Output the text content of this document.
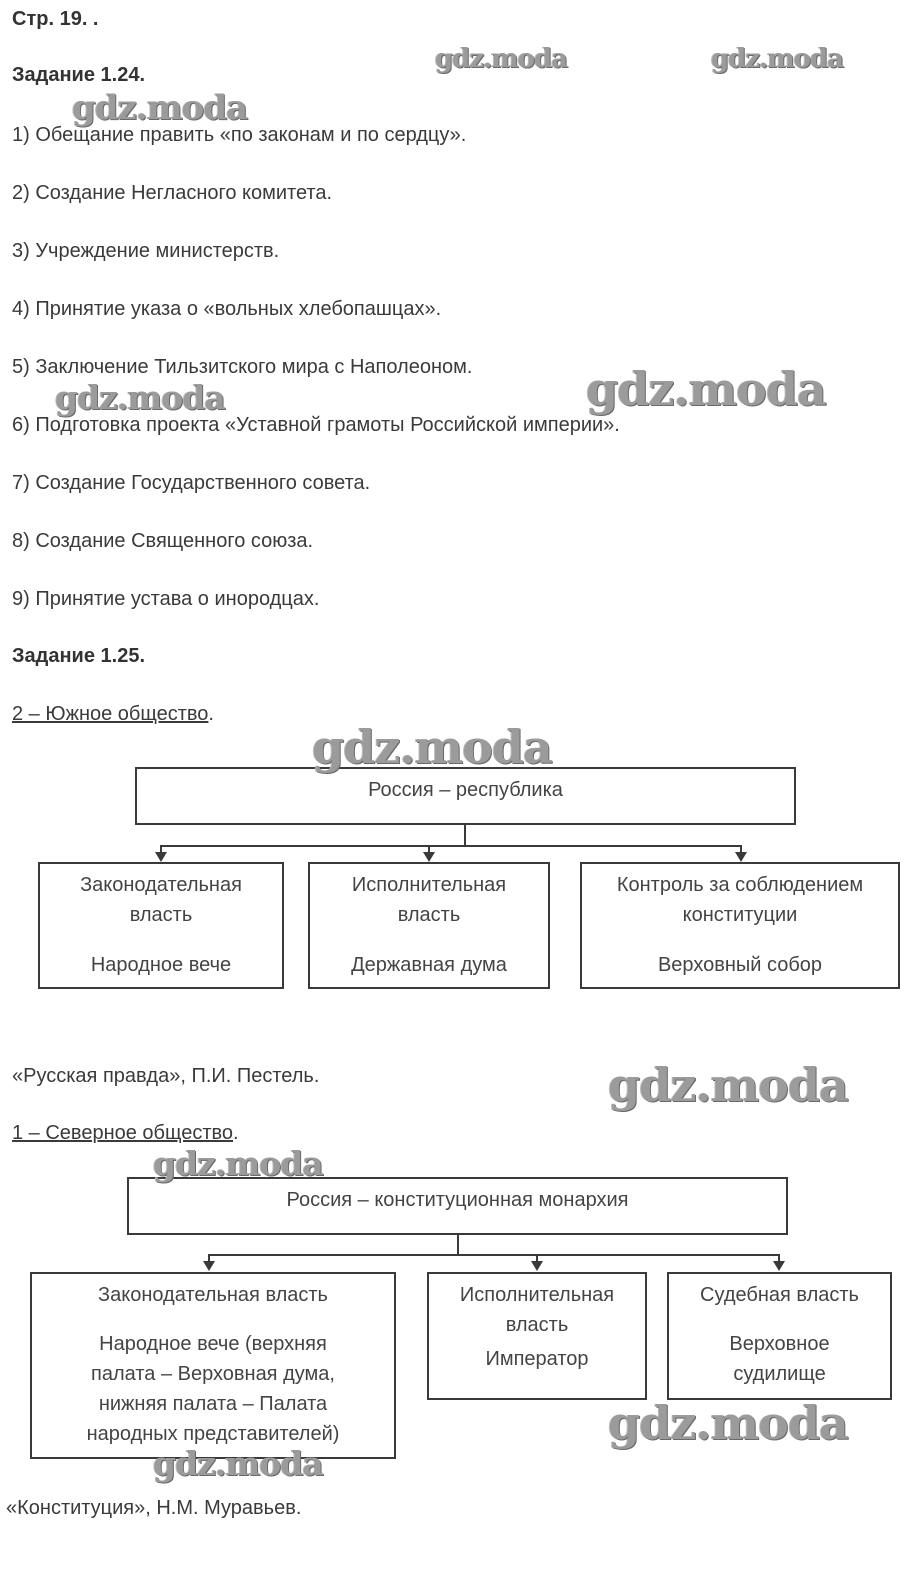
Стр. 19. .
Задание 1.24.
1) Обещание править «по законам и по сердцу».
2) Создание Негласного комитета.
3) Учреждение министерств.
4) Принятие указа о «вольных хлебопашцах».
5) Заключение Тильзитского мира с Наполеоном.
6) Подготовка проекта «Уставной грамоты Российской империи».
7) Создание Государственного совета.
8) Создание Священного союза.
9) Принятие устава о инородцах.
Задание 1.25.
2 – Южное общество.
Россия – республика
Законодательная
власть
Народное вече
Исполнительная
власть
Державная дума
Контроль за соблюдением
конституции
Верховный собор
«Русская правда», П.И. Пестель.
1 – Северное общество.
Россия – конституционная монархия
Законодательная власть
Народное вече (верхняя
палата – Верховная дума,
нижняя палата – Палата
народных представителей)
Исполнительная
власть
Император
Судебная власть
Верховное
судилище
«Конституция», Н.М. Муравьев.
gdz.moda	gdz.moda
gdz.moda
gdz.moda	gdz.moda
gdz.moda
gdz.moda
gdz.moda
gdz.moda
gdz.moda
